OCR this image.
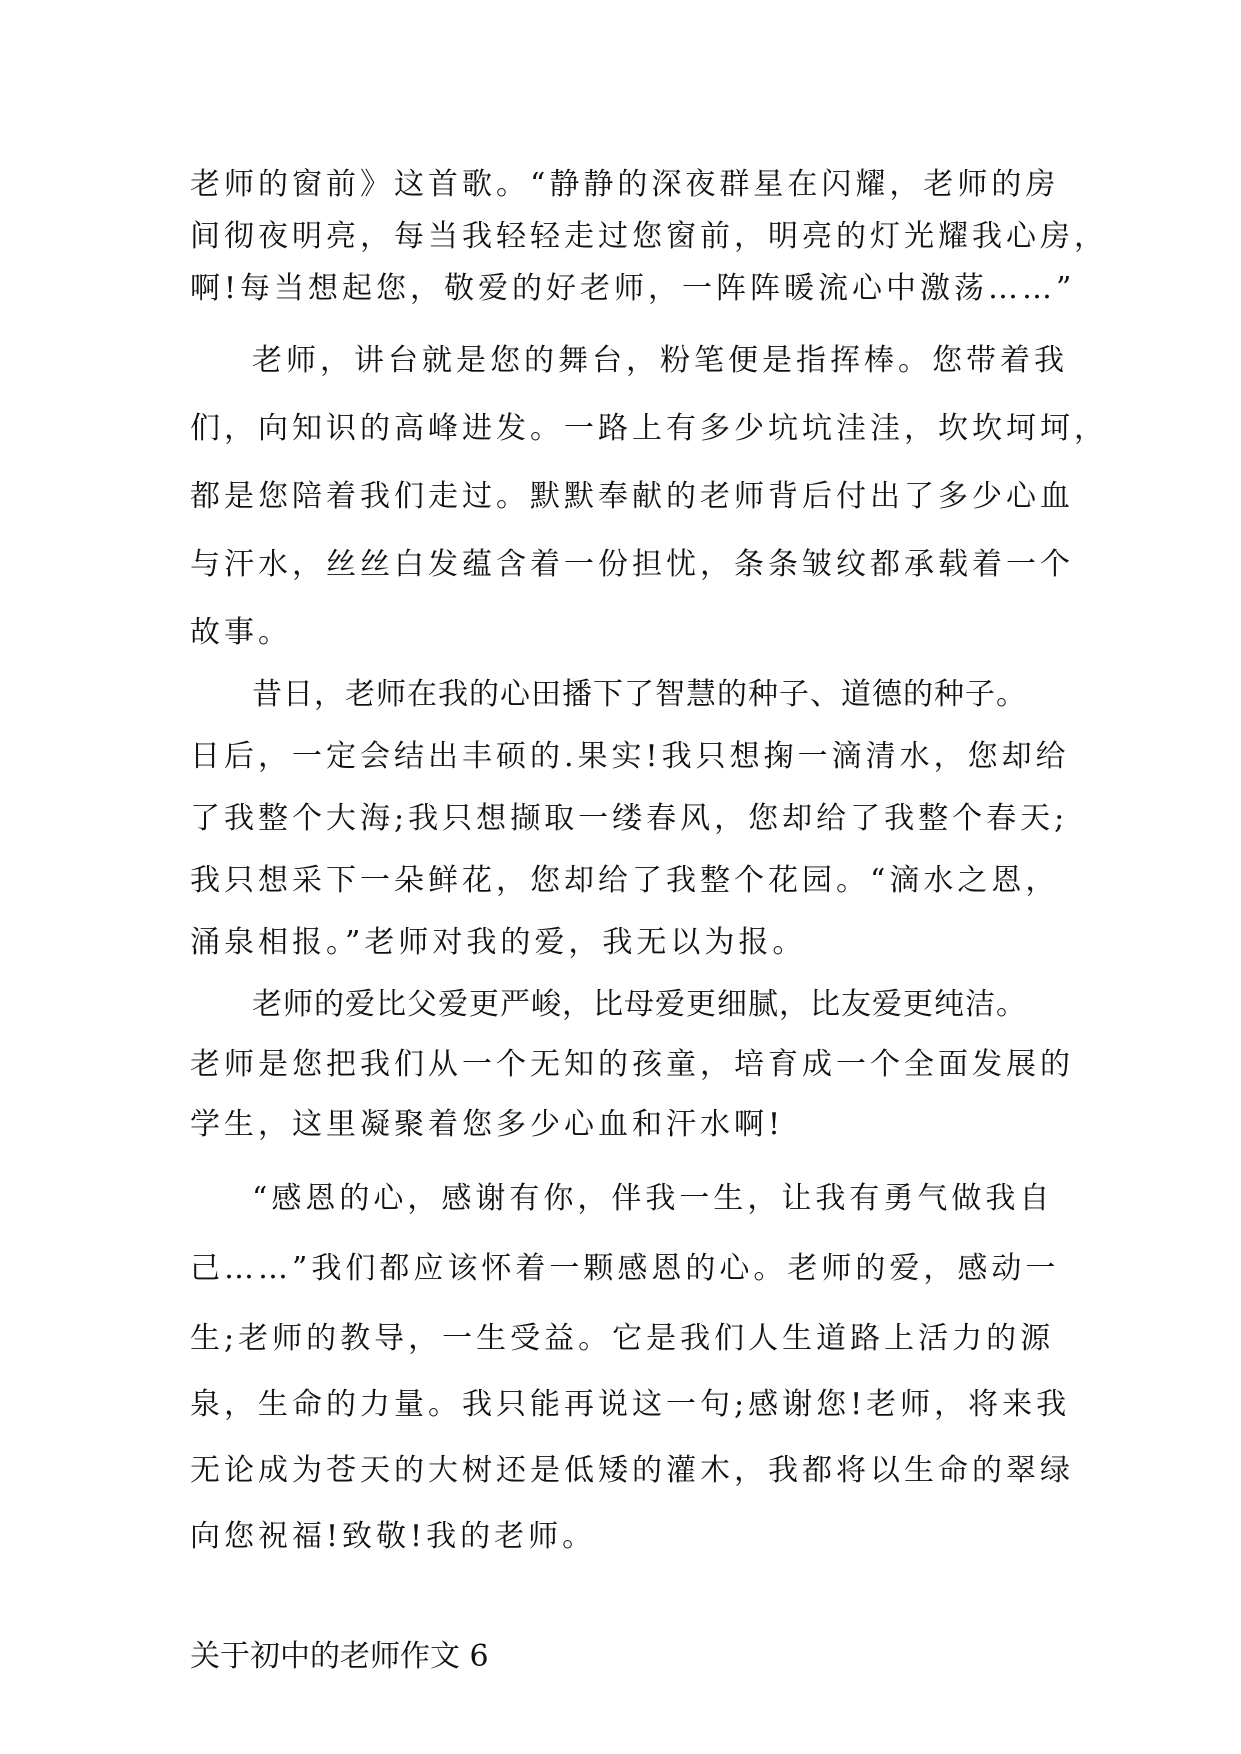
老师的窗前》这首歌。“静静的深夜群星在闪耀，老师的房
间彻夜明亮，每当我轻轻走过您窗前，明亮的灯光耀我心房，
啊!每当想起您，敬爱的好老师，一阵阵暖流心中激荡……”
老师，讲台就是您的舞台，粉笔便是指挥棒。您带着我
们，向知识的高峰进发。一路上有多少坑坑洼洼，坎坎坷坷，
都是您陪着我们走过。默默奉献的老师背后付出了多少心血
与汗水，丝丝白发蕴含着一份担忧，条条皱纹都承载着一个
故事。
昔日，老师在我的心田播下了智慧的种子、道德的种子。
日后，一定会结出丰硕的.果实!我只想掬一滴清水，您却给
了我整个大海;我只想撷取一缕春风，您却给了我整个春天;
我只想采下一朵鲜花，您却给了我整个花园。“滴水之恩，
涌泉相报。”老师对我的爱，我无以为报。
老师的爱比父爱更严峻，比母爱更细腻，比友爱更纯洁。
老师是您把我们从一个无知的孩童，培育成一个全面发展的
学生，这里凝聚着您多少心血和汗水啊!
“感恩的心，感谢有你，伴我一生，让我有勇气做我自
己……”我们都应该怀着一颗感恩的心。老师的爱，感动一
生;老师的教导，一生受益。它是我们人生道路上活力的源
泉，生命的力量。我只能再说这一句;感谢您!老师，将来我
无论成为苍天的大树还是低矮的灌木，我都将以生命的翠绿
向您祝福!致敬!我的老师。
关于初中的老师作文 6
